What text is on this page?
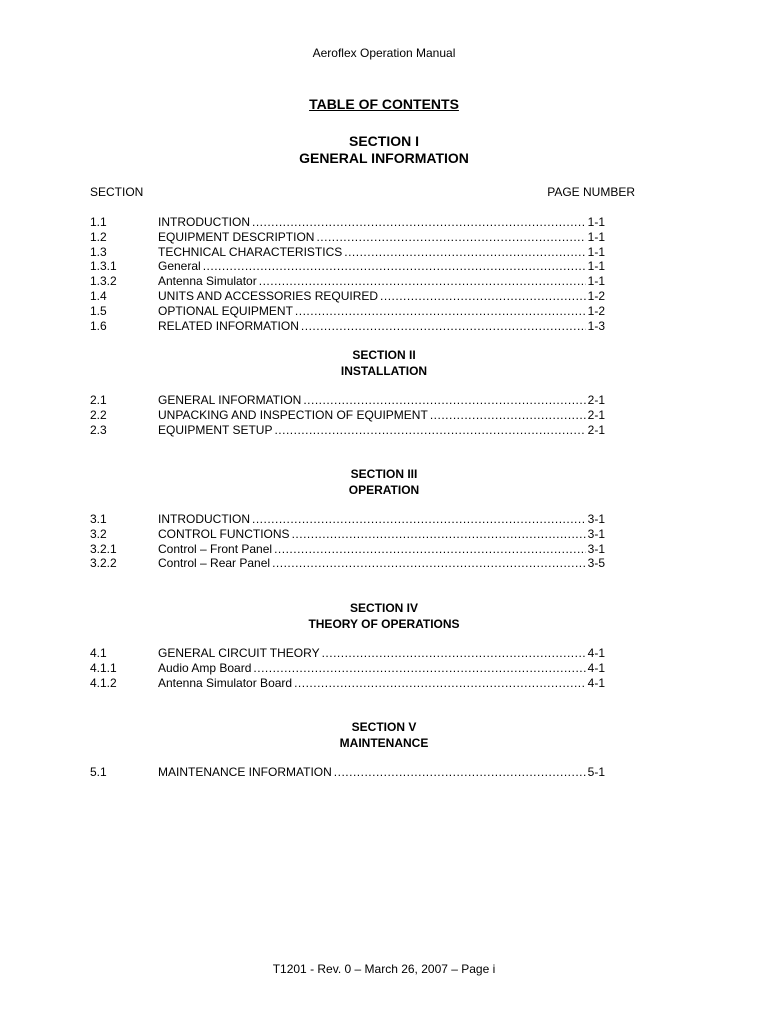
Aeroflex Operation Manual
TABLE OF CONTENTS
SECTION I
GENERAL INFORMATION
SECTION	PAGE NUMBER
1.1	INTRODUCTION .....	1-1
1.2	EQUIPMENT DESCRIPTION .....	1-1
1.3	TECHNICAL CHARACTERISTICS .....	1-1
1.3.1	General .....	1-1
1.3.2	Antenna Simulator .....	1-1
1.4	UNITS AND ACCESSORIES REQUIRED .....	1-2
1.5	OPTIONAL EQUIPMENT .....	1-2
1.6	RELATED INFORMATION .....	1-3
SECTION II
INSTALLATION
2.1	GENERAL INFORMATION .....	2-1
2.2	UNPACKING AND INSPECTION OF EQUIPMENT .....	2-1
2.3	EQUIPMENT SETUP .....	2-1
SECTION III
OPERATION
3.1	INTRODUCTION .....	3-1
3.2	CONTROL FUNCTIONS .....	3-1
3.2.1	Control – Front Panel .....	3-1
3.2.2	Control – Rear Panel .....	3-5
SECTION IV
THEORY OF OPERATIONS
4.1	GENERAL CIRCUIT THEORY .....	4-1
4.1.1	Audio Amp Board .....	4-1
4.1.2	Antenna Simulator Board .....	4-1
SECTION V
MAINTENANCE
5.1	MAINTENANCE INFORMATION .....	5-1
T1201 - Rev. 0 – March 26, 2007 – Page i
